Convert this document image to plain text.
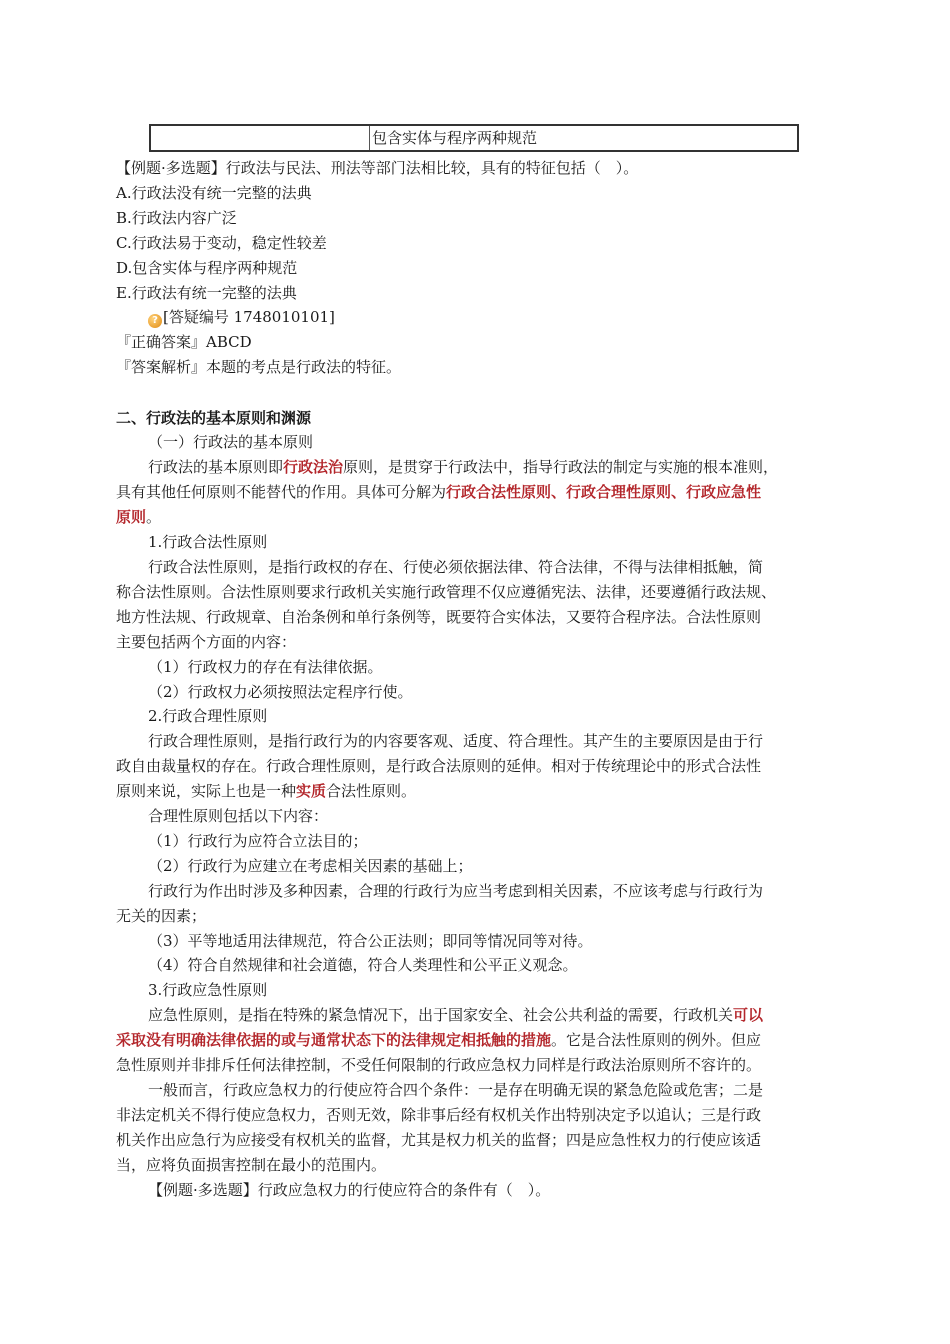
包含实体与程序两种规范
【例题·多选题】行政法与民法、刑法等部门法相比较，具有的特征包括（　）。
A.行政法没有统一完整的法典
B.行政法内容广泛
C.行政法易于变动，稳定性较差
D.包含实体与程序两种规范
E.行政法有统一完整的法典
? [答疑编号 1748010101]
『正确答案』ABCD
『答案解析』本题的考点是行政法的特征。
二、行政法的基本原则和渊源
（一）行政法的基本原则
行政法的基本原则即行政法治原则，是贯穿于行政法中，指导行政法的制定与实施的根本准则，
具有其他任何原则不能替代的作用。具体可分解为行政合法性原则、行政合理性原则、行政应急性
原则。
1.行政合法性原则
行政合法性原则，是指行政权的存在、行使必须依据法律、符合法律，不得与法律相抵触，简
称合法性原则。合法性原则要求行政机关实施行政管理不仅应遵循宪法、法律，还要遵循行政法规、
地方性法规、行政规章、自治条例和单行条例等，既要符合实体法，又要符合程序法。合法性原则
主要包括两个方面的内容：
（1）行政权力的存在有法律依据。
（2）行政权力必须按照法定程序行使。
2.行政合理性原则
行政合理性原则，是指行政行为的内容要客观、适度、符合理性。其产生的主要原因是由于行
政自由裁量权的存在。行政合理性原则，是行政合法原则的延伸。相对于传统理论中的形式合法性
原则来说，实际上也是一种实质合法性原则。
合理性原则包括以下内容：
（1）行政行为应符合立法目的；
（2）行政行为应建立在考虑相关因素的基础上；
行政行为作出时涉及多种因素，合理的行政行为应当考虑到相关因素，不应该考虑与行政行为
无关的因素；
（3）平等地适用法律规范，符合公正法则；即同等情况同等对待。
（4）符合自然规律和社会道德，符合人类理性和公平正义观念。
3.行政应急性原则
应急性原则，是指在特殊的紧急情况下，出于国家安全、社会公共利益的需要，行政机关可以
采取没有明确法律依据的或与通常状态下的法律规定相抵触的措施。它是合法性原则的例外。但应
急性原则并非排斥任何法律控制，不受任何限制的行政应急权力同样是行政法治原则所不容许的。
一般而言，行政应急权力的行使应符合四个条件：一是存在明确无误的紧急危险或危害；二是
非法定机关不得行使应急权力，否则无效，除非事后经有权机关作出特别决定予以追认；三是行政
机关作出应急行为应接受有权机关的监督，尤其是权力机关的监督；四是应急性权力的行使应该适
当，应将负面损害控制在最小的范围内。
【例题·多选题】行政应急权力的行使应符合的条件有（　）。
